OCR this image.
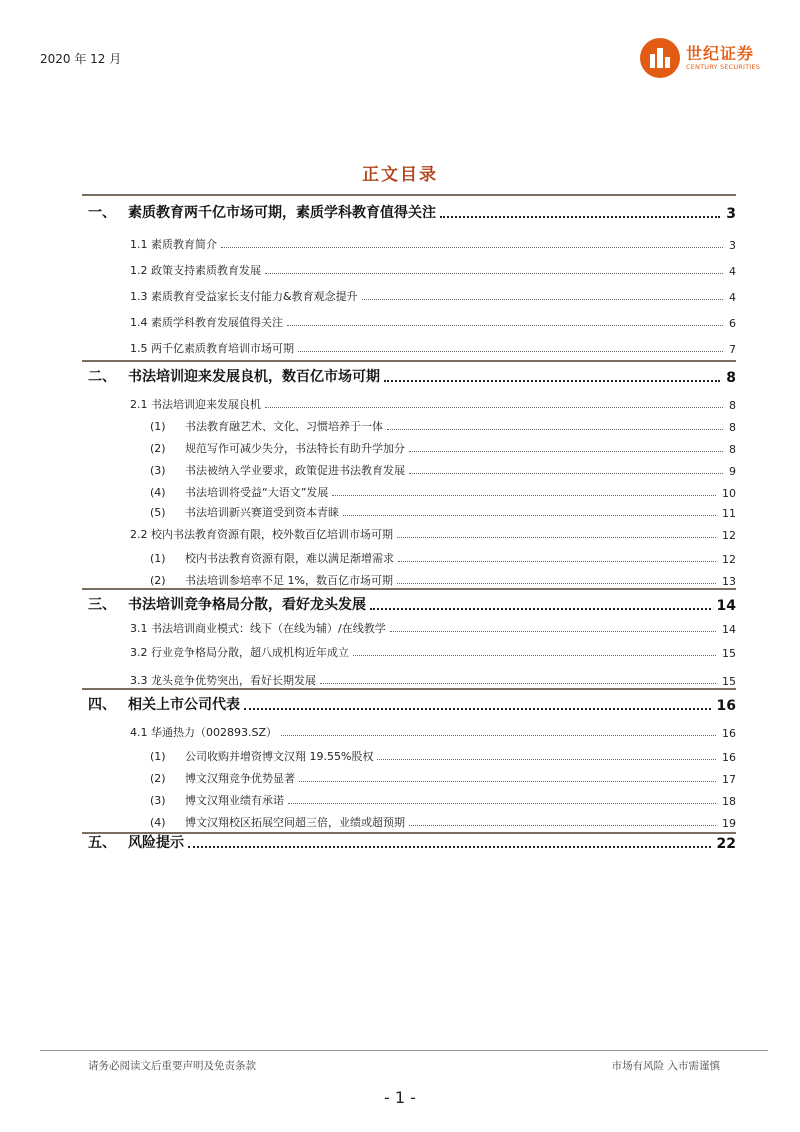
2020 年 12 月	世纪证券
CENTURY SECURITIES
正文目录
一、 素质教育两千亿市场可期，素质学科教育值得关注	3
1.1 素质教育简介	3
1.2 政策支持素质教育发展	4
1.3 素质教育受益家长支付能力&教育观念提升	4
1.4 素质学科教育发展值得关注	6
1.5 两千亿素质教育培训市场可期	7
二、 书法培训迎来发展良机，数百亿市场可期	8
2.1 书法培训迎来发展良机	8
(1) 书法教育融艺术、文化、习惯培养于一体	8
(2) 规范写作可减少失分，书法特长有助升学加分	8
(3) 书法被纳入学业要求，政策促进书法教育发展	9
(4) 书法培训将受益“大语文”发展	10
(5) 书法培训新兴赛道受到资本青睐	11
2.2 校内书法教育资源有限，校外数百亿培训市场可期	12
(1) 校内书法教育资源有限，难以满足渐增需求	12
(2) 书法培训参培率不足 1%，数百亿市场可期	13
三、 书法培训竞争格局分散，看好龙头发展	14
3.1 书法培训商业模式：线下（在线为辅）/在线教学	14
3.2 行业竞争格局分散，超八成机构近年成立	15
3.3 龙头竞争优势突出，看好长期发展	15
四、 相关上市公司代表	16
4.1 华通热力（002893.SZ）	16
(1) 公司收购并增资博文汉翔 19.55%股权	16
(2) 博文汉翔竞争优势显著	17
(3) 博文汉翔业绩有承诺	18
(4) 博文汉翔校区拓展空间超三倍，业绩或超预期	19
五、 风险提示	22
请务必阅读文后重要声明及免责条款	市场有风险 入市需谨慎
- 1 -
